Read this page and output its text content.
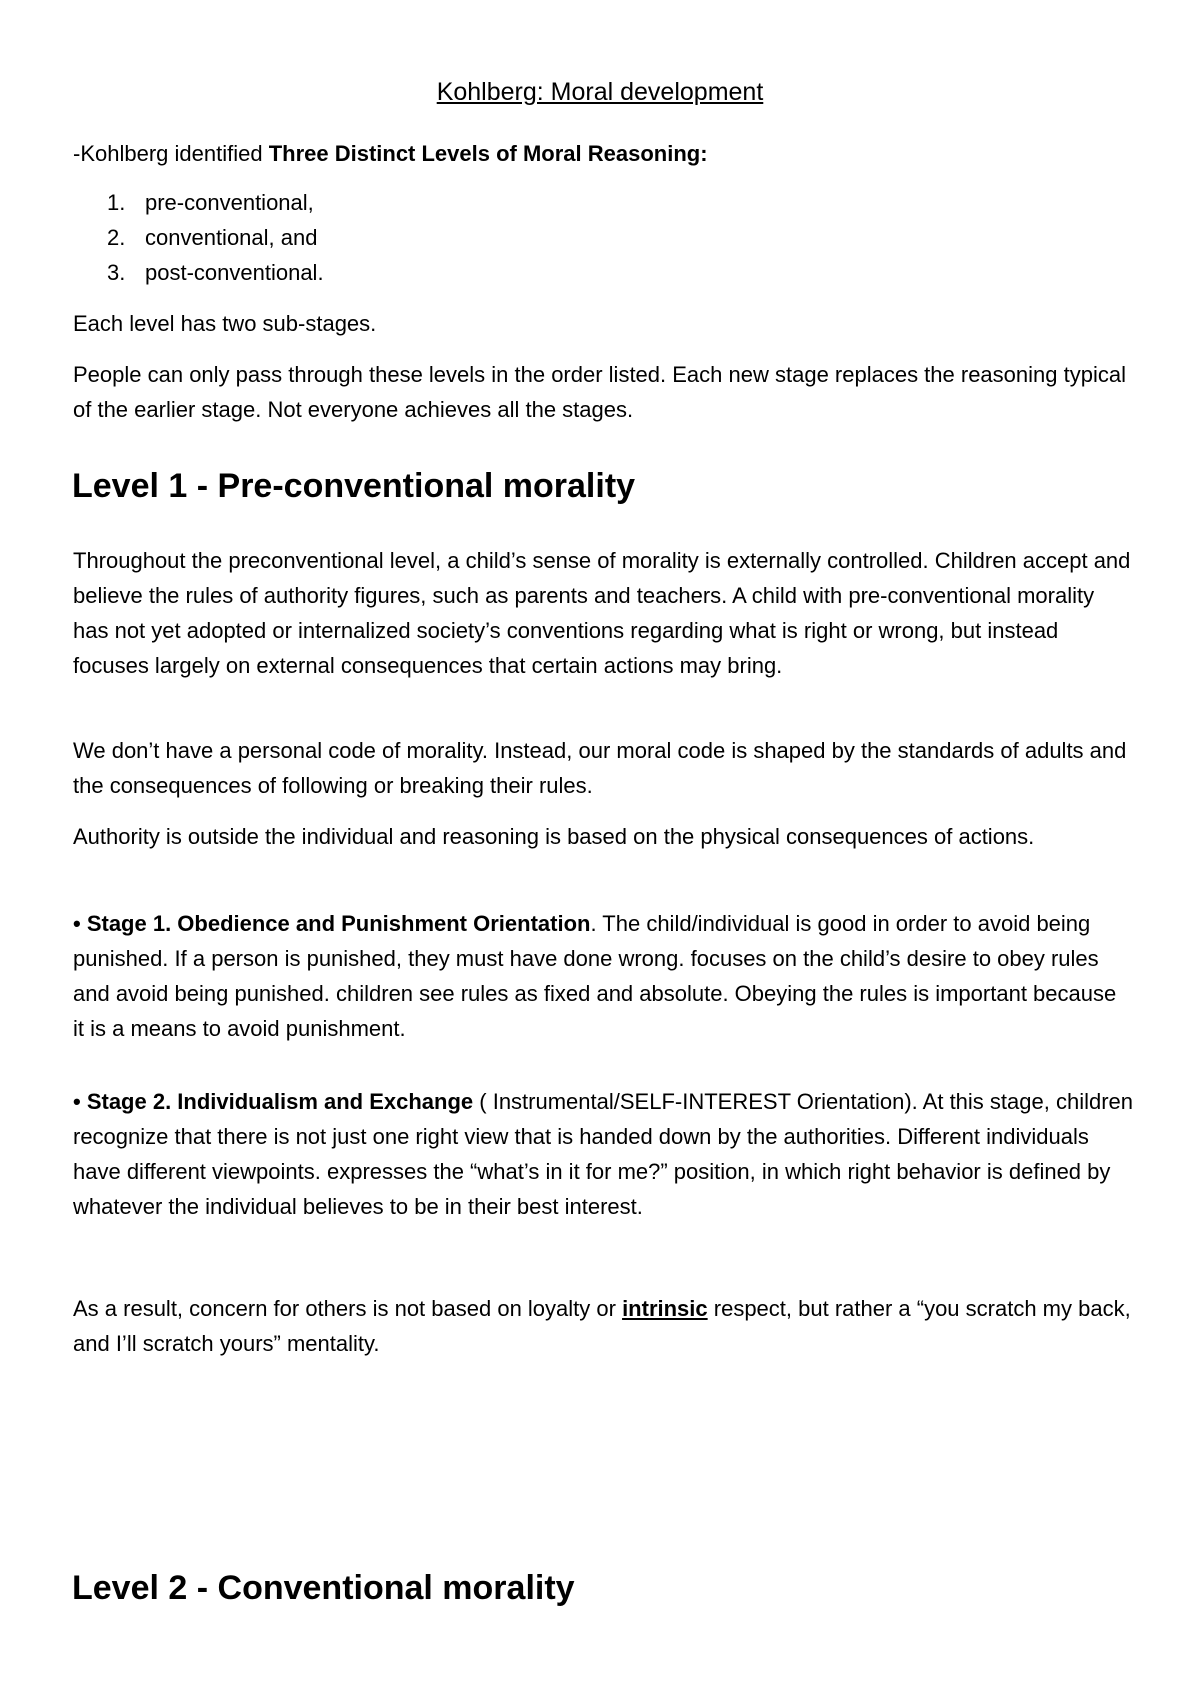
Kohlberg: Moral development

-Kohlberg identified Three Distinct Levels of Moral Reasoning:

1. pre-conventional,
2. conventional, and
3. post-conventional.

Each level has two sub-stages.

People can only pass through these levels in the order listed. Each new stage replaces the reasoning typical of the earlier stage. Not everyone achieves all the stages.

Level 1 - Pre-conventional morality

Throughout the preconventional level, a child’s sense of morality is externally controlled. Children accept and believe the rules of authority figures, such as parents and teachers. A child with pre-conventional morality has not yet adopted or internalized society’s conventions regarding what is right or wrong, but instead focuses largely on external consequences that certain actions may bring.

We don’t have a personal code of morality. Instead, our moral code is shaped by the standards of adults and the consequences of following or breaking their rules.

Authority is outside the individual and reasoning is based on the physical consequences of actions.

• Stage 1. Obedience and Punishment Orientation. The child/individual is good in order to avoid being punished. If a person is punished, they must have done wrong. focuses on the child’s desire to obey rules and avoid being punished. children see rules as fixed and absolute. Obeying the rules is important because it is a means to avoid punishment.

• Stage 2. Individualism and Exchange ( Instrumental/SELF-INTEREST Orientation). At this stage, children recognize that there is not just one right view that is handed down by the authorities. Different individuals have different viewpoints. expresses the “what’s in it for me?” position, in which right behavior is defined by whatever the individual believes to be in their best interest.

As a result, concern for others is not based on loyalty or intrinsic respect, but rather a “you scratch my back, and I’ll scratch yours” mentality.

Level 2 - Conventional morality
